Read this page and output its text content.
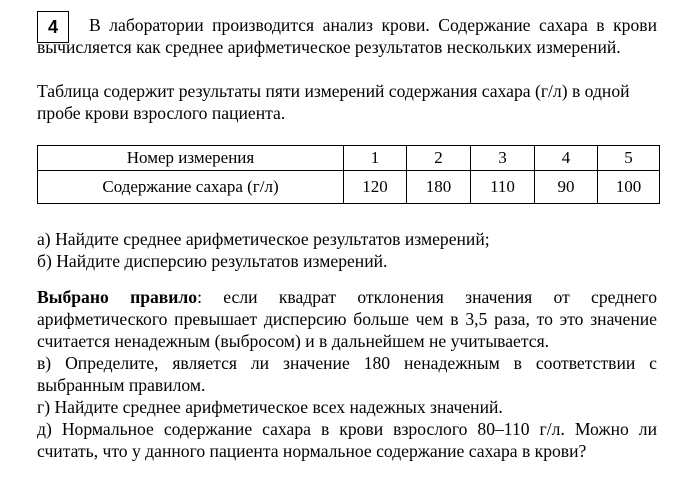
4	В лаборатории производится анализ крови. Содержание сахара в крови вычисляется как среднее арифметическое результатов нескольких измерений.

Таблица содержит результаты пяти измерений содержания сахара (г/л) в одной пробе крови взрослого пациента.

Номер измерения	1	2	3	4	5
Содержание сахара (г/л)	120	180	110	90	100
а) Найдите среднее арифметическое результатов измерений;
б) Найдите дисперсию результатов измерений.

Выбрано правило: если квадрат отклонения значения от среднего арифметического превышает дисперсию больше чем в 3,5 раза, то это значение считается ненадежным (выбросом) и в дальнейшем не учитывается.

в) Определите, является ли значение 180 ненадежным в соответствии с выбранным правилом.

г) Найдите среднее арифметическое всех надежных значений.

д) Нормальное содержание сахара в крови взрослого 80–110 г/л. Можно ли считать, что у данного пациента нормальное содержание сахара в крови?
